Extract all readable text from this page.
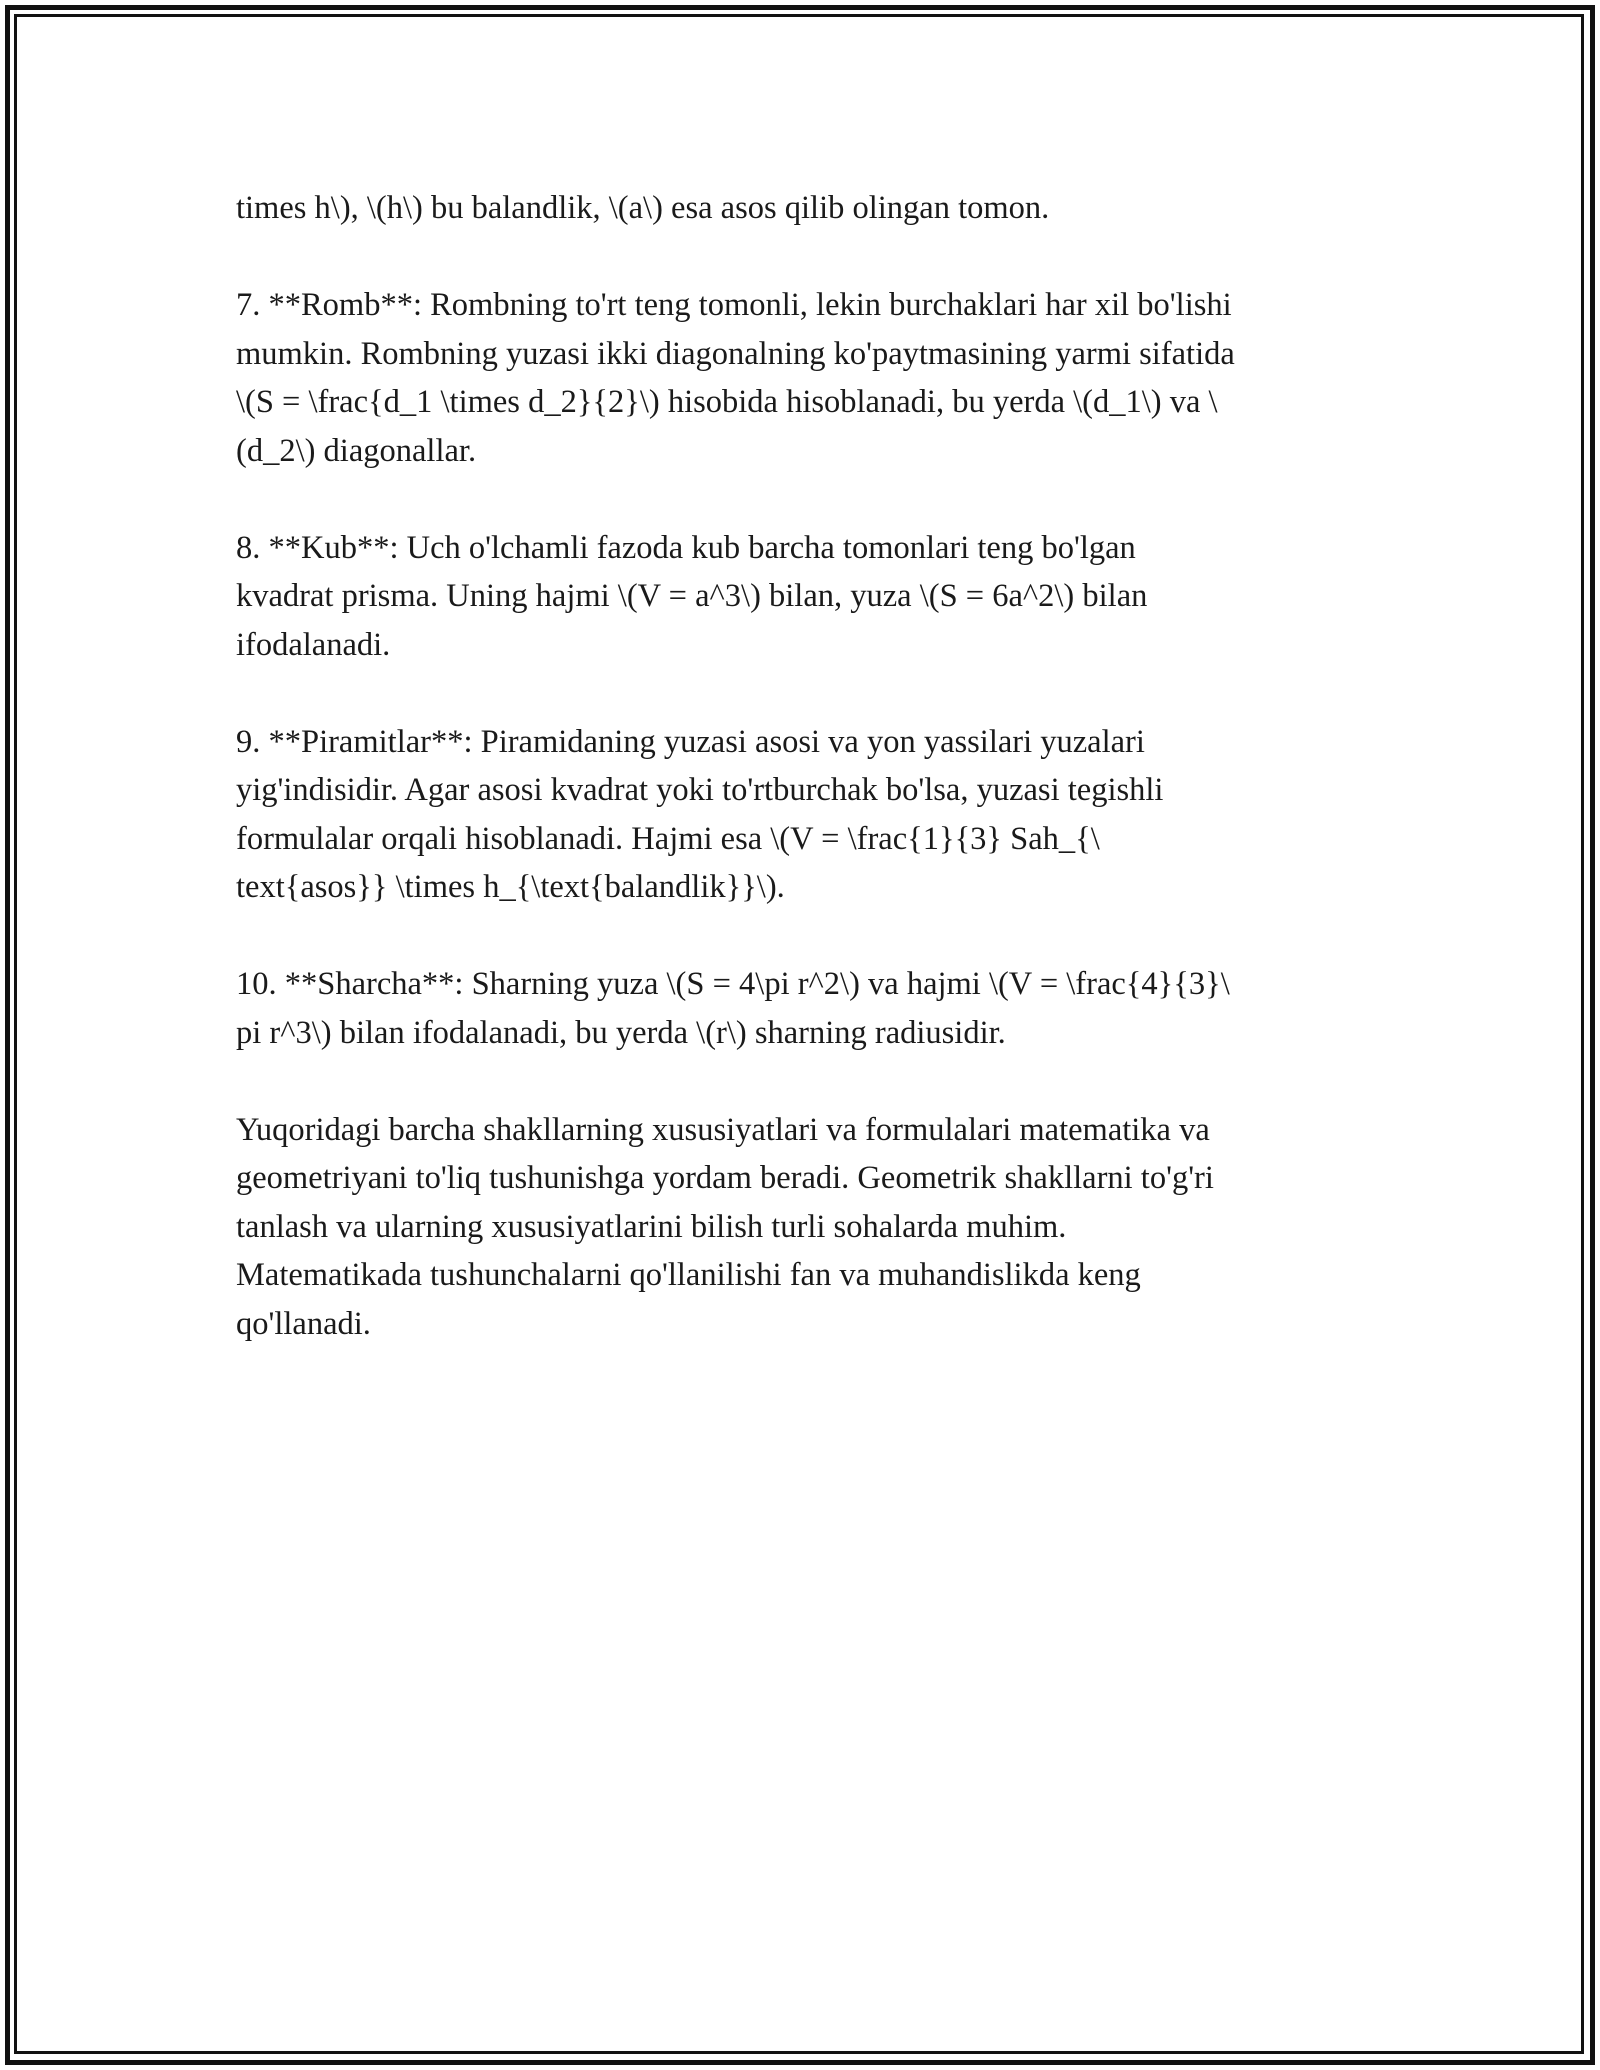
times h\), \(h\) bu balandlik, \(a\) esa asos qilib olingan tomon.

7. **Romb**: Rombning to'rt teng tomonli, lekin burchaklari har xil bo'lishi
mumkin. Rombning yuzasi ikki diagonalning ko'paytmasining yarmi sifatida
\(S = \frac{d_1 \times d_2}{2}\) hisobida hisoblanadi, bu yerda \(d_1\) va \
(d_2\) diagonallar.

8. **Kub**: Uch o'lchamli fazoda kub barcha tomonlari teng bo'lgan
kvadrat prisma. Uning hajmi \(V = a^3\) bilan, yuza \(S = 6a^2\) bilan
ifodalanadi.

9. **Piramitlar**: Piramidaning yuzasi asosi va yon yassilari yuzalari
yig'indisidir. Agar asosi kvadrat yoki to'rtburchak bo'lsa, yuzasi tegishli
formulalar orqali hisoblanadi. Hajmi esa \(V = \frac{1}{3} Sah_{\
text{asos}} \times h_{\text{balandlik}}\).

10. **Sharcha**: Sharning yuza \(S = 4\pi r^2\) va hajmi \(V = \frac{4}{3}\
pi r^3\) bilan ifodalanadi, bu yerda \(r\) sharning radiusidir.

Yuqoridagi barcha shakllarning xususiyatlari va formulalari matematika va
geometriyani to'liq tushunishga yordam beradi. Geometrik shakllarni to'g'ri
tanlash va ularning xususiyatlarini bilish turli sohalarda muhim.
Matematikada tushunchalarni qo'llanilishi fan va muhandislikda keng
qo'llanadi.
